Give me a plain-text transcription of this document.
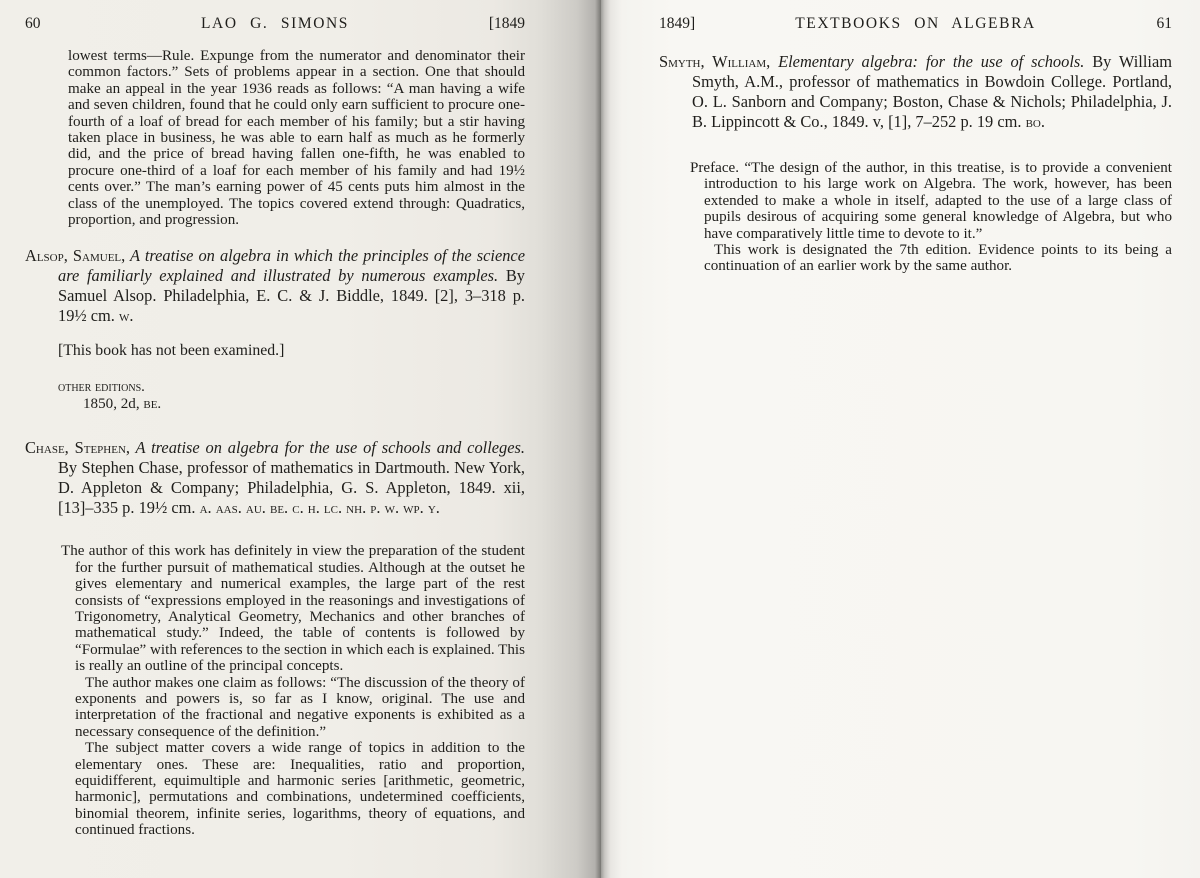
60	LAO G. SIMONS	[1849

lowest terms—Rule. Expunge from the numerator and denominator their common factors.” Sets of problems appear in a section. One that should make an appeal in the year 1936 reads as follows: “A man having a wife and seven children, found that he could only earn sufficient to procure one-fourth of a loaf of bread for each member of his family; but a stir having taken place in business, he was able to earn half as much as he formerly did, and the price of bread having fallen one-fifth, he was enabled to procure one-third of a loaf for each member of his family and had 19½ cents over.” The man’s earning power of 45 cents puts him almost in the class of the unemployed. The topics covered extend through: Quadratics, proportion, and progression.

Alsop, Samuel, A treatise on algebra in which the principles of the science are familiarly explained and illustrated by numerous examples. By Samuel Alsop. Philadelphia, E. C. & J. Biddle, 1849. [2], 3–318 p. 19½ cm. w.

[This book has not been examined.]

other editions.

1850, 2d, be.

Chase, Stephen, A treatise on algebra for the use of schools and colleges. By Stephen Chase, professor of mathematics in Dartmouth. New York, D. Appleton & Company; Philadelphia, G. S. Appleton, 1849. xii, [13]–335 p. 19½ cm. a. aas. au. be. c. h. lc. nh. p. w. wp. y.

The author of this work has definitely in view the preparation of the student for the further pursuit of mathematical studies. Although at the outset he gives elementary and numerical examples, the large part of the rest consists of “expressions employed in the reasonings and investigations of Trigonometry, Analytical Geometry, Mechanics and other branches of mathematical study.” Indeed, the table of contents is followed by “Formulae” with references to the section in which each is explained. This is really an outline of the principal concepts.

The author makes one claim as follows: “The discussion of the theory of exponents and powers is, so far as I know, original. The use and interpretation of the fractional and negative exponents is exhibited as a necessary consequence of the definition.”

The subject matter covers a wide range of topics in addition to the elementary ones. These are: Inequalities, ratio and proportion, equidifferent, equimultiple and harmonic series [arithmetic, geometric, harmonic], permutations and combinations, undetermined coefficients, binomial theorem, infinite series, logarithms, theory of equations, and continued fractions.

1849]	TEXTBOOKS ON ALGEBRA	61

Smyth, William, Elementary algebra: for the use of schools. By William Smyth, A.M., professor of mathematics in Bowdoin College. Portland, O. L. Sanborn and Company; Boston, Chase & Nichols; Philadelphia, J. B. Lippincott & Co., 1849. v, [1], 7–252 p. 19 cm. bo.

Preface. “The design of the author, in this treatise, is to provide a convenient introduction to his large work on Algebra. The work, however, has been extended to make a whole in itself, adapted to the use of a large class of pupils desirous of acquiring some general knowledge of Algebra, but who have comparatively little time to devote to it.”

This work is designated the 7th edition. Evidence points to its being a continuation of an earlier work by the same author.
